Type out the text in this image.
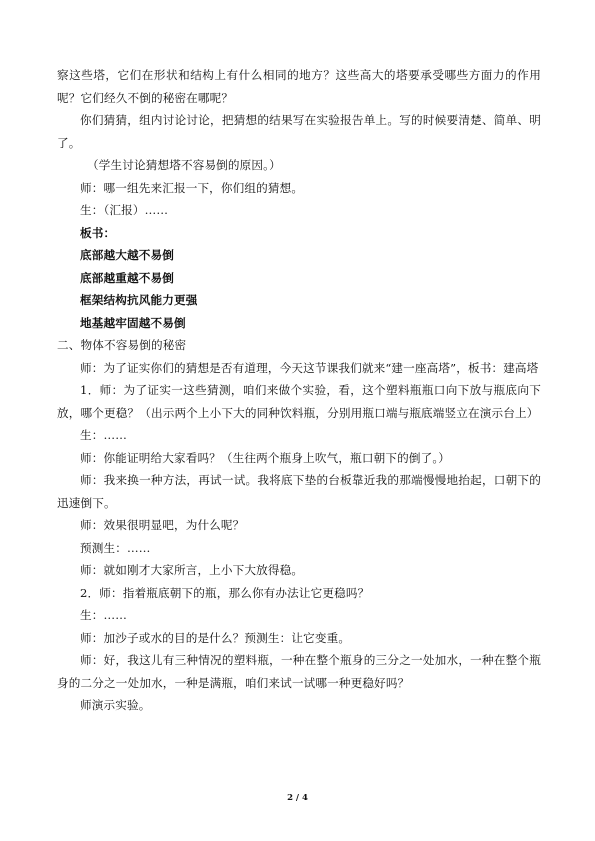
察这些塔，它们在形状和结构上有什么相同的地方？这些高大的塔要承受哪些方面力的作用呢？它们经久不倒的秘密在哪呢？

你们猜猜，组内讨论讨论，把猜想的结果写在实验报告单上。写的时候要清楚、简单、明了。

（学生讨论猜想塔不容易倒的原因。）

师：哪一组先来汇报一下，你们组的猜想。

生：（汇报）……

板书：

底部越大越不易倒

底部越重越不易倒

框架结构抗风能力更强

地基越牢固越不易倒

二、物体不容易倒的秘密

师：为了证实你们的猜想是否有道理，今天这节课我们就来“建一座高塔”，板书：建高塔

1．师：为了证实一这些猜测，咱们来做个实验，看，这个塑料瓶瓶口向下放与瓶底向下放，哪个更稳？（出示两个上小下大的同种饮料瓶，分别用瓶口端与瓶底端竖立在演示台上）

生：……

师：你能证明给大家看吗？（生往两个瓶身上吹气，瓶口朝下的倒了。）

师：我来换一种方法，再试一试。我将底下垫的台板靠近我的那端慢慢地抬起，口朝下的迅速倒下。

师：效果很明显吧，为什么呢？

预测生：……

师：就如刚才大家所言，上小下大放得稳。

2．师：指着瓶底朝下的瓶，那么你有办法让它更稳吗？

生：……

师：加沙子或水的目的是什么？预测生：让它变重。

师：好，我这儿有三种情况的塑料瓶，一种在整个瓶身的三分之一处加水，一种在整个瓶身的二分之一处加水，一种是满瓶，咱们来试一试哪一种更稳好吗？

师演示实验。

2 / 4
